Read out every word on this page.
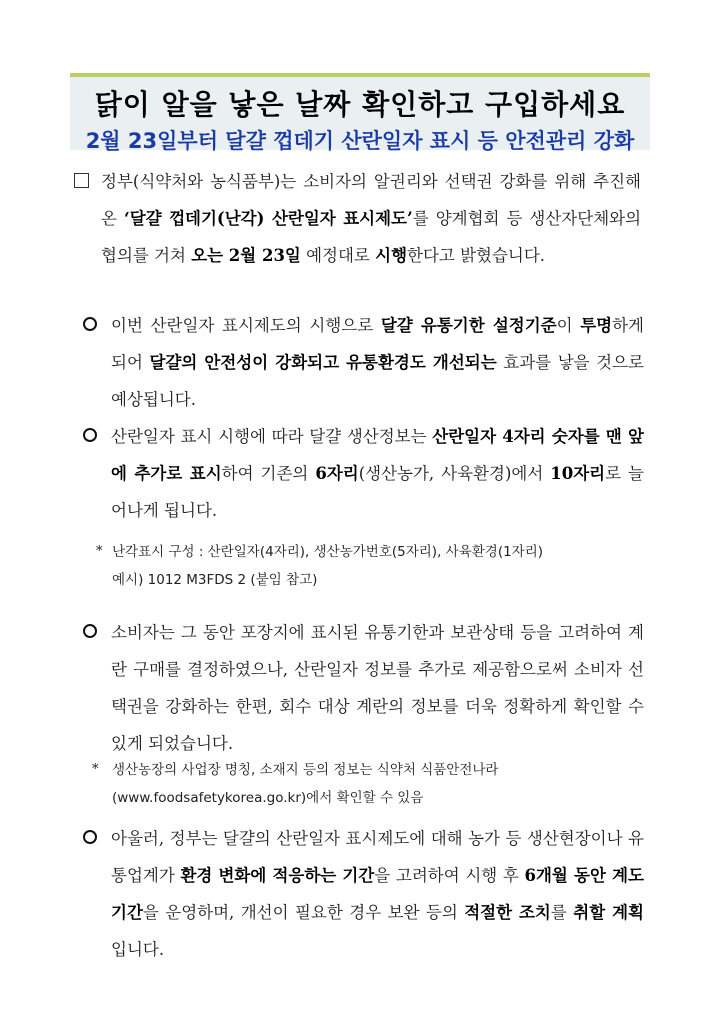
닭이 알을 낳은 날짜 확인하고 구입하세요
2월 23일부터 달걀 껍데기 산란일자 표시 등 안전관리 강화
정부(식약처와 농식품부)는 소비자의 알권리와 선택권 강화를 위해 추진해온 ‘달걀 껍데기(난각) 산란일자 표시제도’를 양계협회 등 생산자단체와의 협의를 거쳐 오는 2월 23일 예정대로 시행한다고 밝혔습니다.
이번 산란일자 표시제도의 시행으로 달걀 유통기한 설정기준이 투명하게 되어 달걀의 안전성이 강화되고 유통환경도 개선되는 효과를 낳을 것으로 예상됩니다.
산란일자 표시 시행에 따라 달걀 생산정보는 산란일자 4자리 숫자를 맨 앞에 추가로 표시하여 기존의 6자리(생산농가, 사육환경)에서 10자리로 늘어나게 됩니다.
* 난각표시 구성 : 산란일자(4자리), 생산농가번호(5자리), 사육환경(1자리)
예시) 1012 M3FDS 2 (붙임 참고)
소비자는 그 동안 포장지에 표시된 유통기한과 보관상태 등을 고려하여 계란 구매를 결정하였으나, 산란일자 정보를 추가로 제공함으로써 소비자 선택권을 강화하는 한편, 회수 대상 계란의 정보를 더욱 정확하게 확인할 수 있게 되었습니다.
* 생산농장의 사업장 명칭, 소재지 등의 정보는 식약처 식품안전나라
(www.foodsafetykorea.go.kr)에서 확인할 수 있음
아울러, 정부는 달걀의 산란일자 표시제도에 대해 농가 등 생산현장이나 유통업계가 환경 변화에 적응하는 기간을 고려하여 시행 후 6개월 동안 계도기간을 운영하며, 개선이 필요한 경우 보완 등의 적절한 조치를 취할 계획입니다.
